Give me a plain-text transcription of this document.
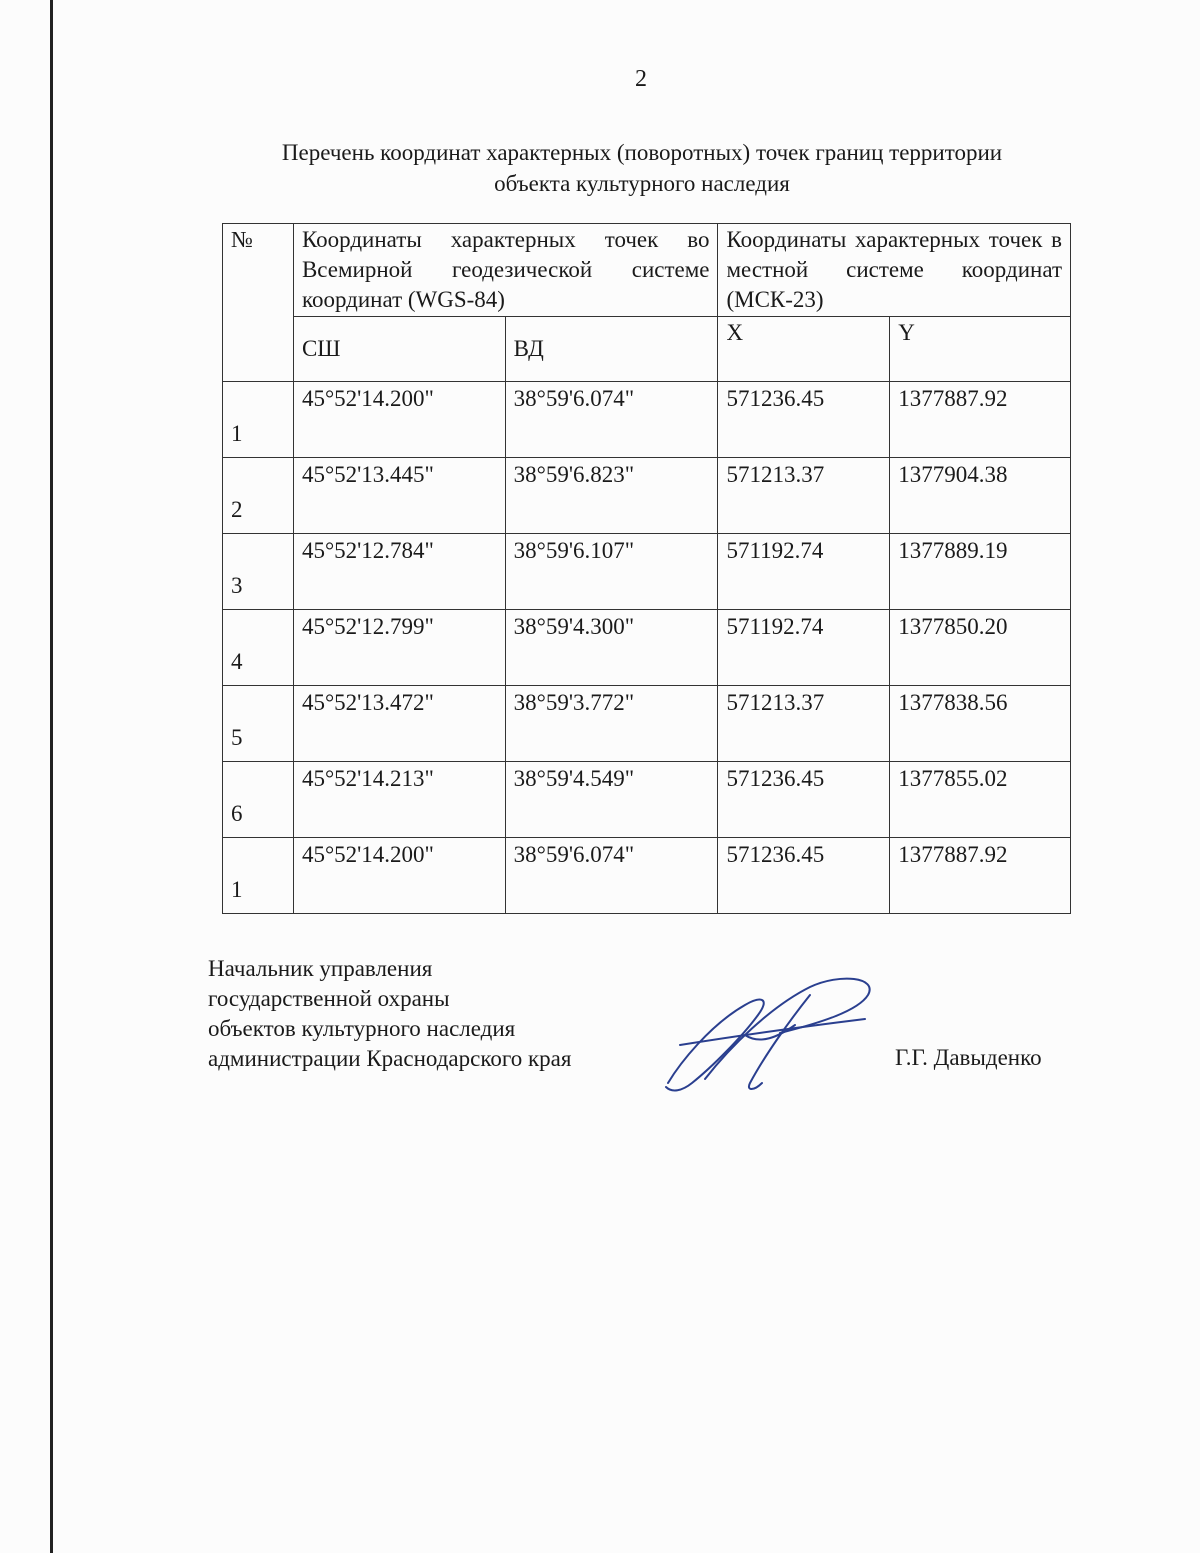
2
Перечень координат характерных (поворотных) точек границ территории
объекта культурного наследия
№	Координаты характерных точек во Всемирной геодезической системе координат (WGS-84)		Координаты характерных точек в местной системе координат (МСК-23)	

	СШ	ВД	X	Y
1	45°52'14.200"	38°59'6.074"	571236.45	1377887.92
2	45°52'13.445"	38°59'6.823"	571213.37	1377904.38
3	45°52'12.784"	38°59'6.107"	571192.74	1377889.19
4	45°52'12.799"	38°59'4.300"	571192.74	1377850.20
5	45°52'13.472"	38°59'3.772"	571213.37	1377838.56
6	45°52'14.213"	38°59'4.549"	571236.45	1377855.02
1	45°52'14.200"	38°59'6.074"	571236.45	1377887.92
Начальник управления
государственной охраны
объектов культурного наследия
администрации Краснодарского края	Г.Г. Давыденко
